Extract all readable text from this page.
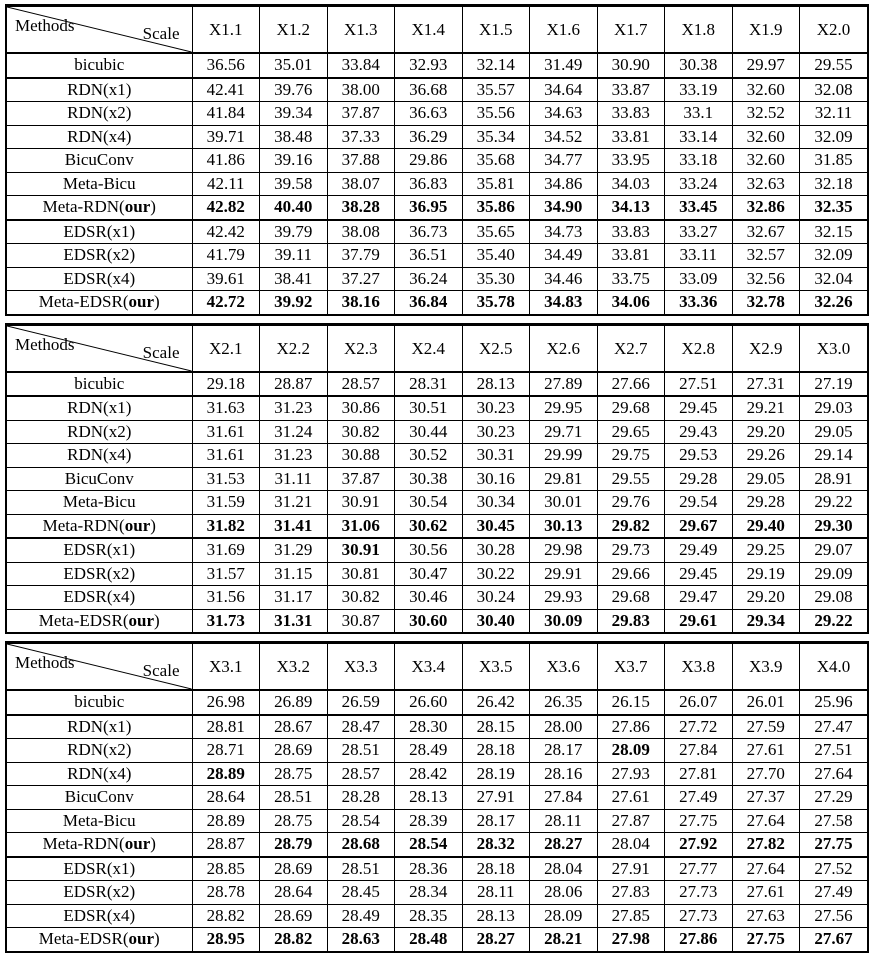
Scale
Methods	X1.1	X1.2	X1.3	X1.4	X1.5	X1.6	X1.7	X1.8	X1.9	X2.0
bicubic	36.56	35.01	33.84	32.93	32.14	31.49	30.90	30.38	29.97	29.55
RDN(x1)	42.41	39.76	38.00	36.68	35.57	34.64	33.87	33.19	32.60	32.08
RDN(x2)	41.84	39.34	37.87	36.63	35.56	34.63	33.83	33.1	32.52	32.11
RDN(x4)	39.71	38.48	37.33	36.29	35.34	34.52	33.81	33.14	32.60	32.09
BicuConv	41.86	39.16	37.88	29.86	35.68	34.77	33.95	33.18	32.60	31.85
Meta-Bicu	42.11	39.58	38.07	36.83	35.81	34.86	34.03	33.24	32.63	32.18
Meta-RDN(our)	42.82	40.40	38.28	36.95	35.86	34.90	34.13	33.45	32.86	32.35
EDSR(x1)	42.42	39.79	38.08	36.73	35.65	34.73	33.83	33.27	32.67	32.15
EDSR(x2)	41.79	39.11	37.79	36.51	35.40	34.49	33.81	33.11	32.57	32.09
EDSR(x4)	39.61	38.41	37.27	36.24	35.30	34.46	33.75	33.09	32.56	32.04
Meta-EDSR(our)	42.72	39.92	38.16	36.84	35.78	34.83	34.06	33.36	32.78	32.26
Scale
Methods	X2.1	X2.2	X2.3	X2.4	X2.5	X2.6	X2.7	X2.8	X2.9	X3.0
bicubic	29.18	28.87	28.57	28.31	28.13	27.89	27.66	27.51	27.31	27.19
RDN(x1)	31.63	31.23	30.86	30.51	30.23	29.95	29.68	29.45	29.21	29.03
RDN(x2)	31.61	31.24	30.82	30.44	30.23	29.71	29.65	29.43	29.20	29.05
RDN(x4)	31.61	31.23	30.88	30.52	30.31	29.99	29.75	29.53	29.26	29.14
BicuConv	31.53	31.11	37.87	30.38	30.16	29.81	29.55	29.28	29.05	28.91
Meta-Bicu	31.59	31.21	30.91	30.54	30.34	30.01	29.76	29.54	29.28	29.22
Meta-RDN(our)	31.82	31.41	31.06	30.62	30.45	30.13	29.82	29.67	29.40	29.30
EDSR(x1)	31.69	31.29	30.91	30.56	30.28	29.98	29.73	29.49	29.25	29.07
EDSR(x2)	31.57	31.15	30.81	30.47	30.22	29.91	29.66	29.45	29.19	29.09
EDSR(x4)	31.56	31.17	30.82	30.46	30.24	29.93	29.68	29.47	29.20	29.08
Meta-EDSR(our)	31.73	31.31	30.87	30.60	30.40	30.09	29.83	29.61	29.34	29.22
Scale
Methods	X3.1	X3.2	X3.3	X3.4	X3.5	X3.6	X3.7	X3.8	X3.9	X4.0
bicubic	26.98	26.89	26.59	26.60	26.42	26.35	26.15	26.07	26.01	25.96
RDN(x1)	28.81	28.67	28.47	28.30	28.15	28.00	27.86	27.72	27.59	27.47
RDN(x2)	28.71	28.69	28.51	28.49	28.18	28.17	28.09	27.84	27.61	27.51
RDN(x4)	28.89	28.75	28.57	28.42	28.19	28.16	27.93	27.81	27.70	27.64
BicuConv	28.64	28.51	28.28	28.13	27.91	27.84	27.61	27.49	27.37	27.29
Meta-Bicu	28.89	28.75	28.54	28.39	28.17	28.11	27.87	27.75	27.64	27.58
Meta-RDN(our)	28.87	28.79	28.68	28.54	28.32	28.27	28.04	27.92	27.82	27.75
EDSR(x1)	28.85	28.69	28.51	28.36	28.18	28.04	27.91	27.77	27.64	27.52
EDSR(x2)	28.78	28.64	28.45	28.34	28.11	28.06	27.83	27.73	27.61	27.49
EDSR(x4)	28.82	28.69	28.49	28.35	28.13	28.09	27.85	27.73	27.63	27.56
Meta-EDSR(our)	28.95	28.82	28.63	28.48	28.27	28.21	27.98	27.86	27.75	27.67
